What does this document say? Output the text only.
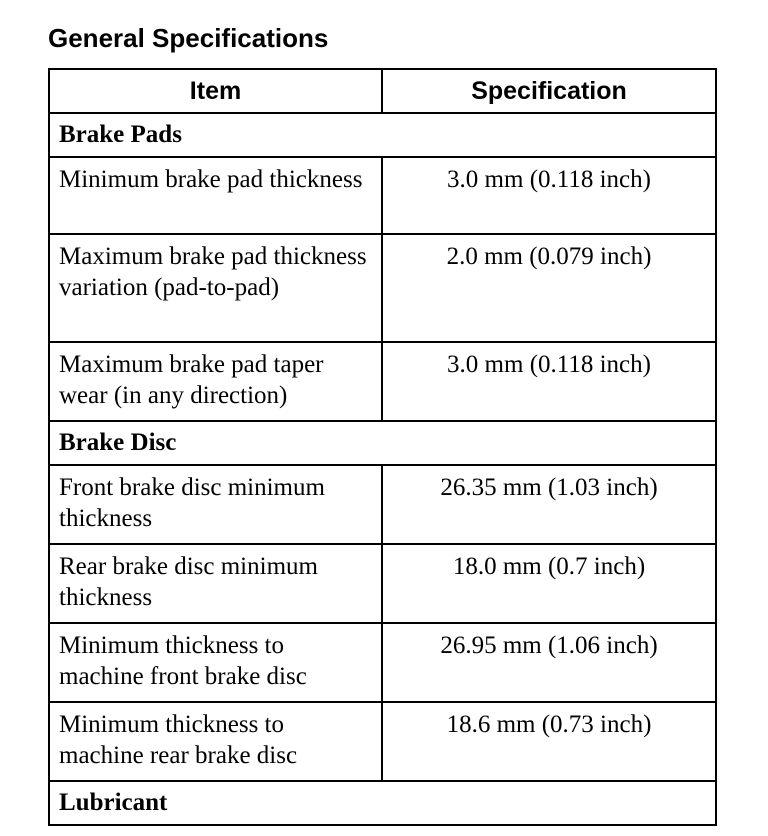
General Specifications
Item	Specification
Brake Pads	
Minimum brake pad thickness	3.0 mm (0.118 inch)
Maximum brake pad thickness variation (pad-to-pad)	2.0 mm (0.079 inch)
Maximum brake pad taper wear (in any direction)	3.0 mm (0.118 inch)
Brake Disc	
Front brake disc minimum thickness	26.35 mm (1.03 inch)
Rear brake disc minimum thickness	18.0 mm (0.7 inch)
Minimum thickness to machine front brake disc	26.95 mm (1.06 inch)
Minimum thickness to machine rear brake disc	18.6 mm (0.73 inch)
Lubricant	
